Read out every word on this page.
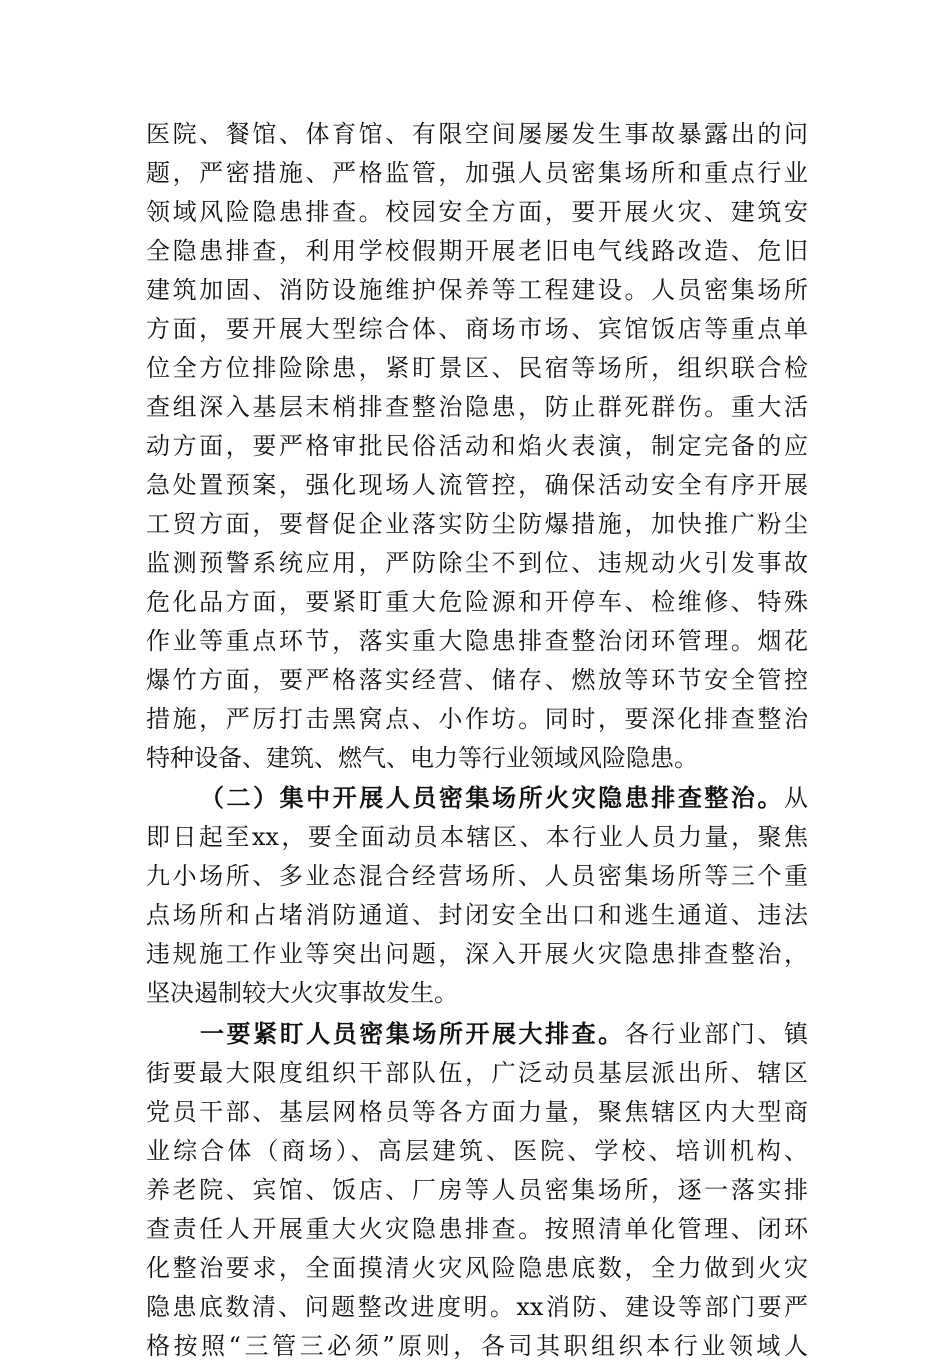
医院、餐馆、体育馆、有限空间屡屡发生事故暴露出的问
题，严密措施、严格监管，加强人员密集场所和重点行业
领域风险隐患排查。校园安全方面，要开展火灾、建筑安
全隐患排查，利用学校假期开展老旧电气线路改造、危旧
建筑加固、消防设施维护保养等工程建设。人员密集场所
方面，要开展大型综合体、商场市场、宾馆饭店等重点单
位全方位排险除患，紧盯景区、民宿等场所，组织联合检
查组深入基层末梢排查整治隐患，防止群死群伤。重大活
动方面，要严格审批民俗活动和焰火表演，制定完备的应
急处置预案，强化现场人流管控，确保活动安全有序开展
工贸方面，要督促企业落实防尘防爆措施，加快推广粉尘
监测预警系统应用，严防除尘不到位、违规动火引发事故
危化品方面，要紧盯重大危险源和开停车、检维修、特殊
作业等重点环节，落实重大隐患排查整治闭环管理。烟花
爆竹方面，要严格落实经营、储存、燃放等环节安全管控
措施，严厉打击黑窝点、小作坊。同时，要深化排查整治
特种设备、建筑、燃气、电力等行业领域风险隐患。
（二）集中开展人员密集场所火灾隐患排查整治。从
即日起至xx，要全面动员本辖区、本行业人员力量，聚焦
九小场所、多业态混合经营场所、人员密集场所等三个重
点场所和占堵消防通道、封闭安全出口和逃生通道、违法
违规施工作业等突出问题，深入开展火灾隐患排查整治，
坚决遏制较大火灾事故发生。
一要紧盯人员密集场所开展大排查。各行业部门、镇
街要最大限度组织干部队伍，广泛动员基层派出所、辖区
党员干部、基层网格员等各方面力量，聚焦辖区内大型商
业综合体（商场）、高层建筑、医院、学校、培训机构、
养老院、宾馆、饭店、厂房等人员密集场所，逐一落实排
查责任人开展重大火灾隐患排查。按照清单化管理、闭环
化整治要求，全面摸清火灾风险隐患底数，全力做到火灾
隐患底数清、问题整改进度明。xx消防、建设等部门要严
格按照“三管三必须”原则，各司其职组织本行业领域人
